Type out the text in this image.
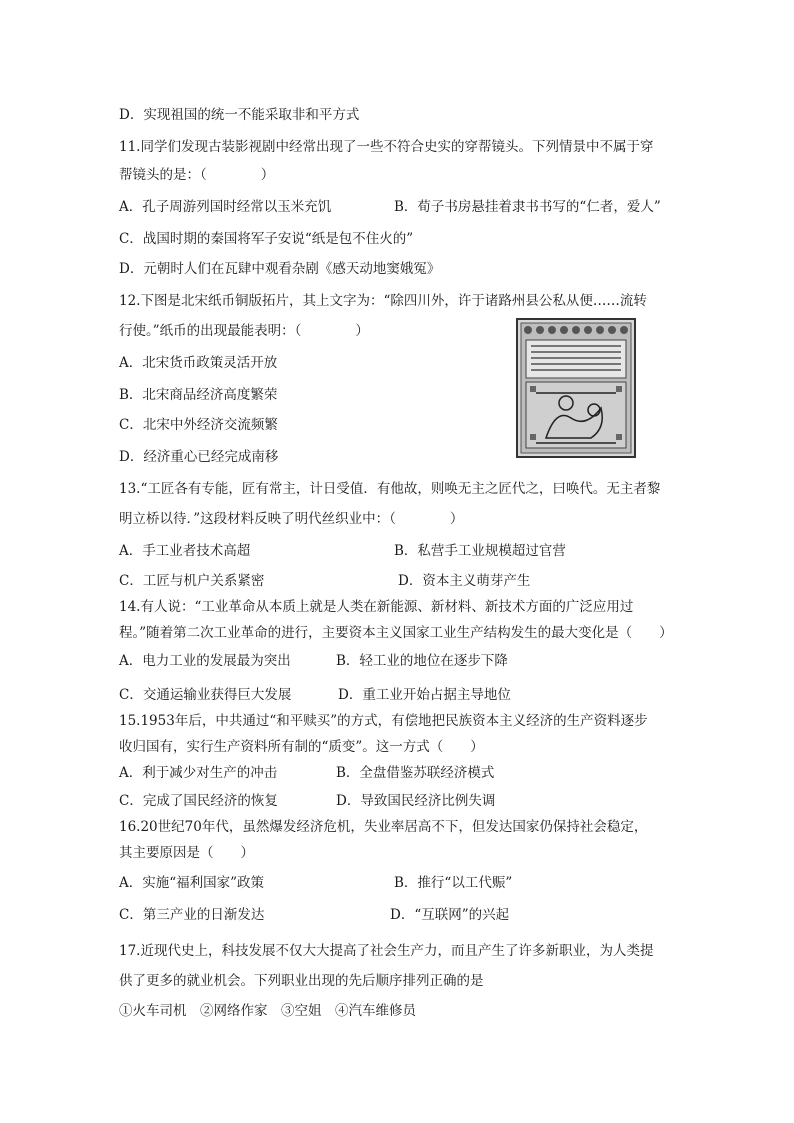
D．实现祖国的统一不能采取非和平方式
11.同学们发现古装影视剧中经常出现了一些不符合史实的穿帮镜头。下列情景中不属于穿
帮镜头的是：（　　　　）
A．孔子周游列国时经常以玉米充饥	B．荀子书房悬挂着隶书书写的“仁者，爱人”
C．战国时期的秦国将军子安说“纸是包不住火的”
D．元朝时人们在瓦肆中观看杂剧《感天动地窦娥冤》
12.下图是北宋纸币铜版拓片，其上文字为：“除四川外，许于诸路州县公私从便……流转
行使。”纸币的出现最能表明：（　　　　）
A．北宋货币政策灵活开放
B．北宋商品经济高度繁荣
C．北宋中外经济交流频繁
D．经济重心已经完成南移
13.“工匠各有专能，匠有常主，计日受值．有他故，则唤无主之匠代之，曰唤代。无主者黎
明立桥以待．”这段材料反映了明代丝织业中：（　　　　）
A．手工业者技术高超	B．私营手工业规模超过官营
C．工匠与机户关系紧密	D．资本主义萌芽产生
14.有人说：“工业革命从本质上就是人类在新能源、新材料、新技术方面的广泛应用过
程。”随着第二次工业革命的进行，主要资本主义国家工业生产结构发生的最大变化是（　　）
A．电力工业的发展最为突出	B．轻工业的地位在逐步下降
C．交通运输业获得巨大发展	D．重工业开始占据主导地位
15.1953年后，中共通过“和平赎买”的方式，有偿地把民族资本主义经济的生产资料逐步
收归国有，实行生产资料所有制的“质变”。这一方式（　　）
A．利于减少对生产的冲击	B．全盘借鉴苏联经济模式
C．完成了国民经济的恢复	D．导致国民经济比例失调
16.20世纪70年代，虽然爆发经济危机，失业率居高不下，但发达国家仍保持社会稳定，
其主要原因是（　　）
A．实施“福利国家”政策	B．推行“以工代赈”
C．第三产业的日渐发达	D．“互联网”的兴起
17.近现代史上，科技发展不仅大大提高了社会生产力，而且产生了许多新职业，为人类提
供了更多的就业机会。下列职业出现的先后顺序排列正确的是
①火车司机　②网络作家　③空姐　④汽车维修员
